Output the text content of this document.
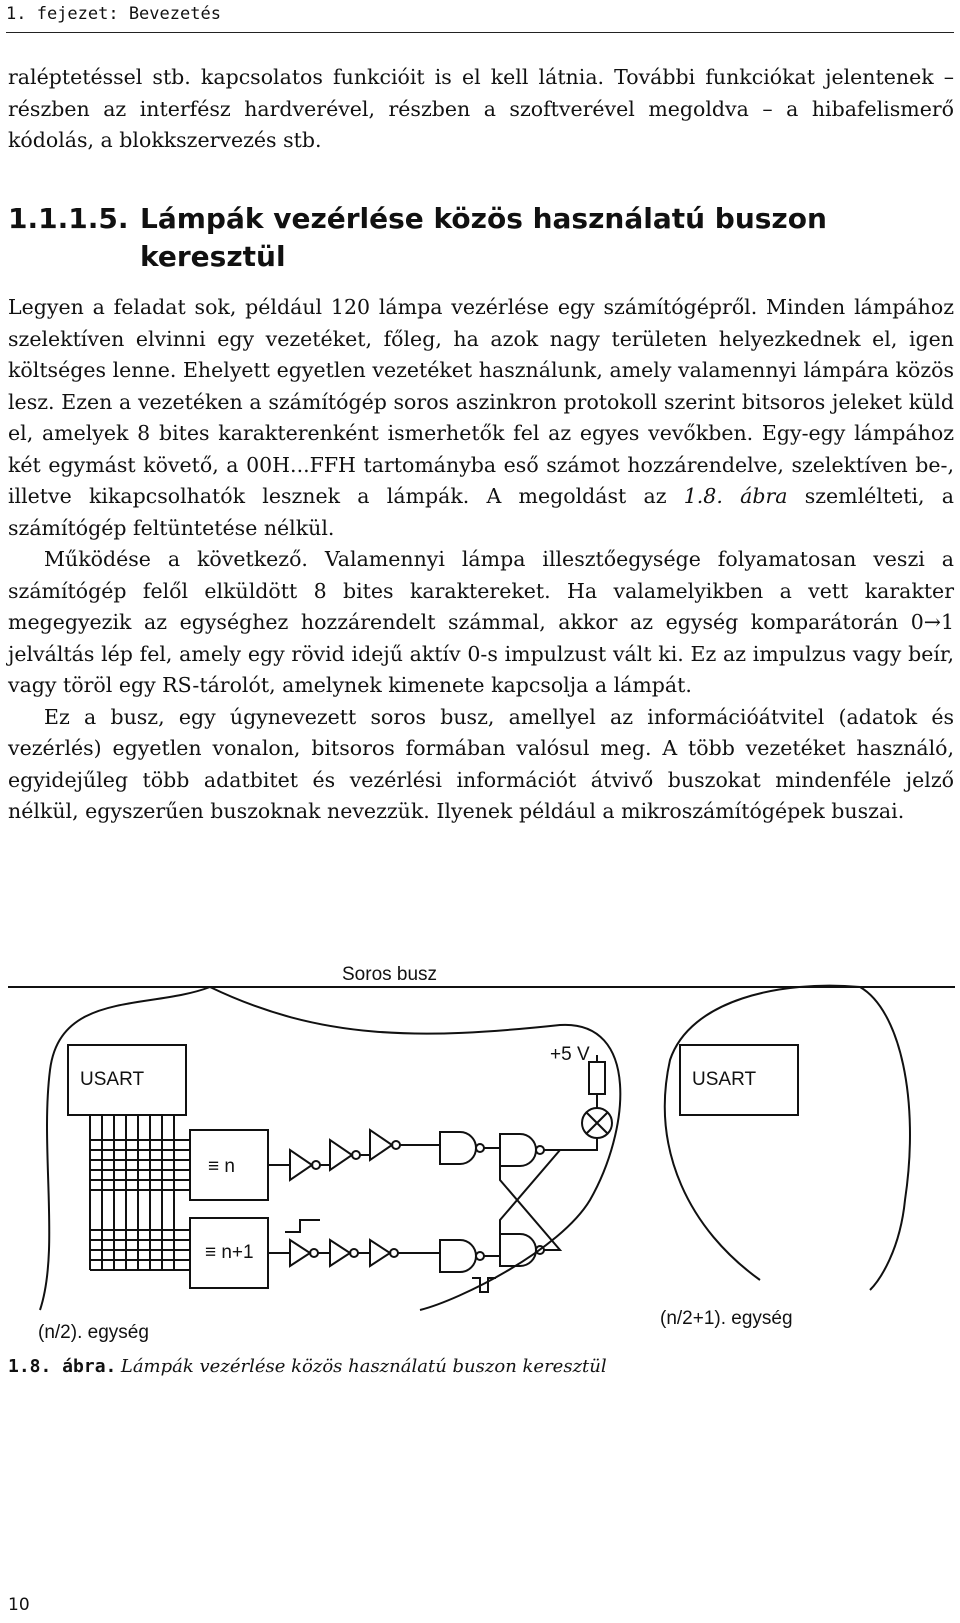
1. fejezet: Bevezetés
raléptetéssel stb. kapcsolatos funkcióit is el kell látnia. További funkciókat jelentenek – részben az interfész hardverével, részben a szoftverével megoldva – a hibafelismerő kódolás, a blokkszervezés stb.
1.1.1.5. Lámpák vezérlése közös használatú buszon
keresztül

Legyen a feladat sok, például 120 lámpa vezérlése egy számítógépről. Minden lámpához szelektíven elvinni egy vezetéket, főleg, ha azok nagy területen helyezkednek el, igen költséges lenne. Ehelyett egyetlen vezetéket használunk, amely valamennyi lámpára közös lesz. Ezen a vezetéken a számítógép soros aszinkron protokoll szerint bitsoros jeleket küld el, amelyek 8 bites karakterenként ismerhetők fel az egyes vevőkben. Egy-egy lámpához két egymást követő, a 00H...FFH tartományba eső számot hozzárendelve, szelektíven be-, illetve kikapcsolhatók lesznek a lámpák. A megoldást az 1.8. ábra szemlélteti, a számítógép feltüntetése nélkül.

Működése a következő. Valamennyi lámpa illesztőegysége folyamatosan veszi a számítógép felől elküldött 8 bites karaktereket. Ha valamelyikben a vett karakter megegyezik az egységhez hozzárendelt számmal, akkor az egység komparátorán 0→1 jelváltás lép fel, amely egy rövid idejű aktív 0-s impulzust vált ki. Ez az impulzus vagy beír, vagy töröl egy RS-tárolót, amelynek kimenete kapcsolja a lámpát.

Ez a busz, egy úgynevezett soros busz, amellyel az információátvitel (adatok és vezérlés) egyetlen vonalon, bitsoros formában valósul meg. A több vezetéket használó, egyidejűleg több adatbitet és vezérlési információt átvivő buszokat mindenféle jelző nélkül, egyszerűen buszoknak nevezzük. Ilyenek például a mikroszámítógépek buszai.

Soros busz
USART	USART
+5 V
≡ n
≡ n+1
(n/2). egység
(n/2+1). egység
1.8. ábra. Lámpák vezérlése közös használatú buszon keresztül
10
